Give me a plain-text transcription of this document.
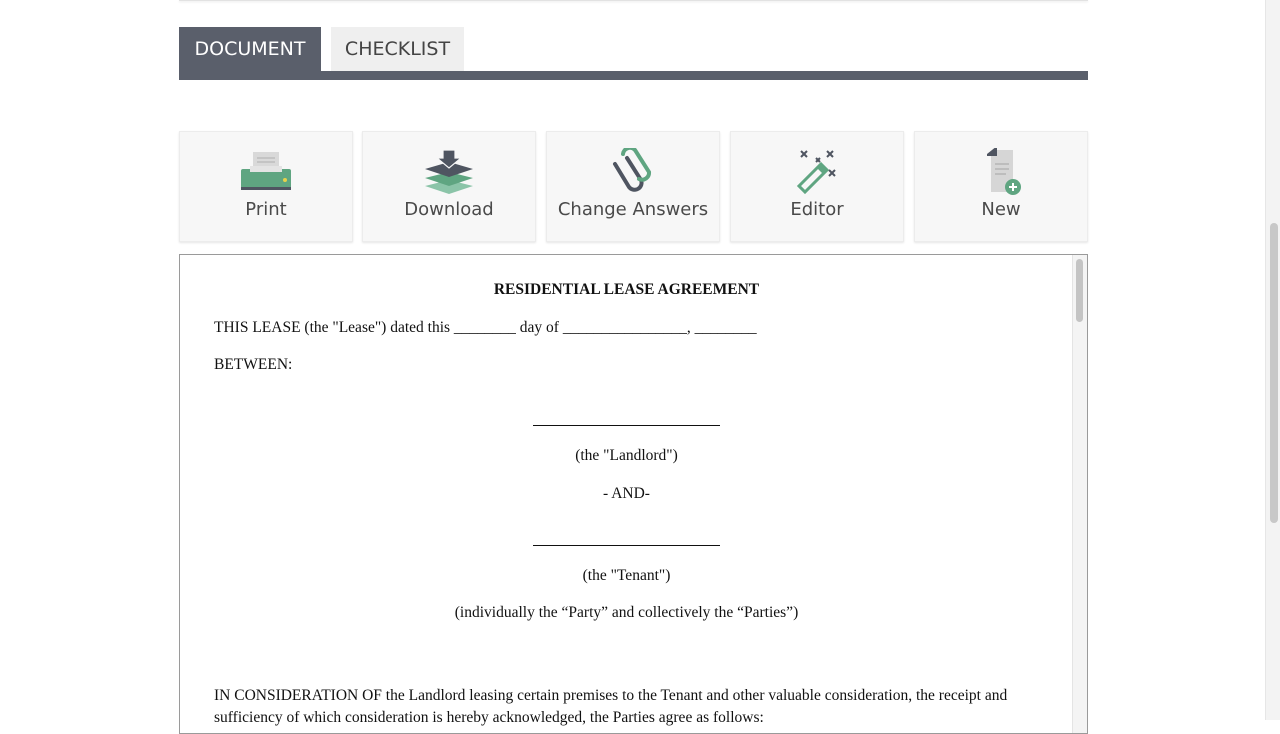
DOCUMENT	CHECKLIST
Print	Download	Change Answers	Editor	New

RESIDENTIAL LEASE AGREEMENT

THIS LEASE (the "Lease") dated this ________ day of ________________, ________

BETWEEN:

(the "Landlord")

- AND-

(the "Tenant")

(individually the “Party” and collectively the “Parties”)

IN CONSIDERATION OF the Landlord leasing certain premises to the Tenant and other valuable consideration, the receipt and

sufficiency of which consideration is hereby acknowledged, the Parties agree as follows:
